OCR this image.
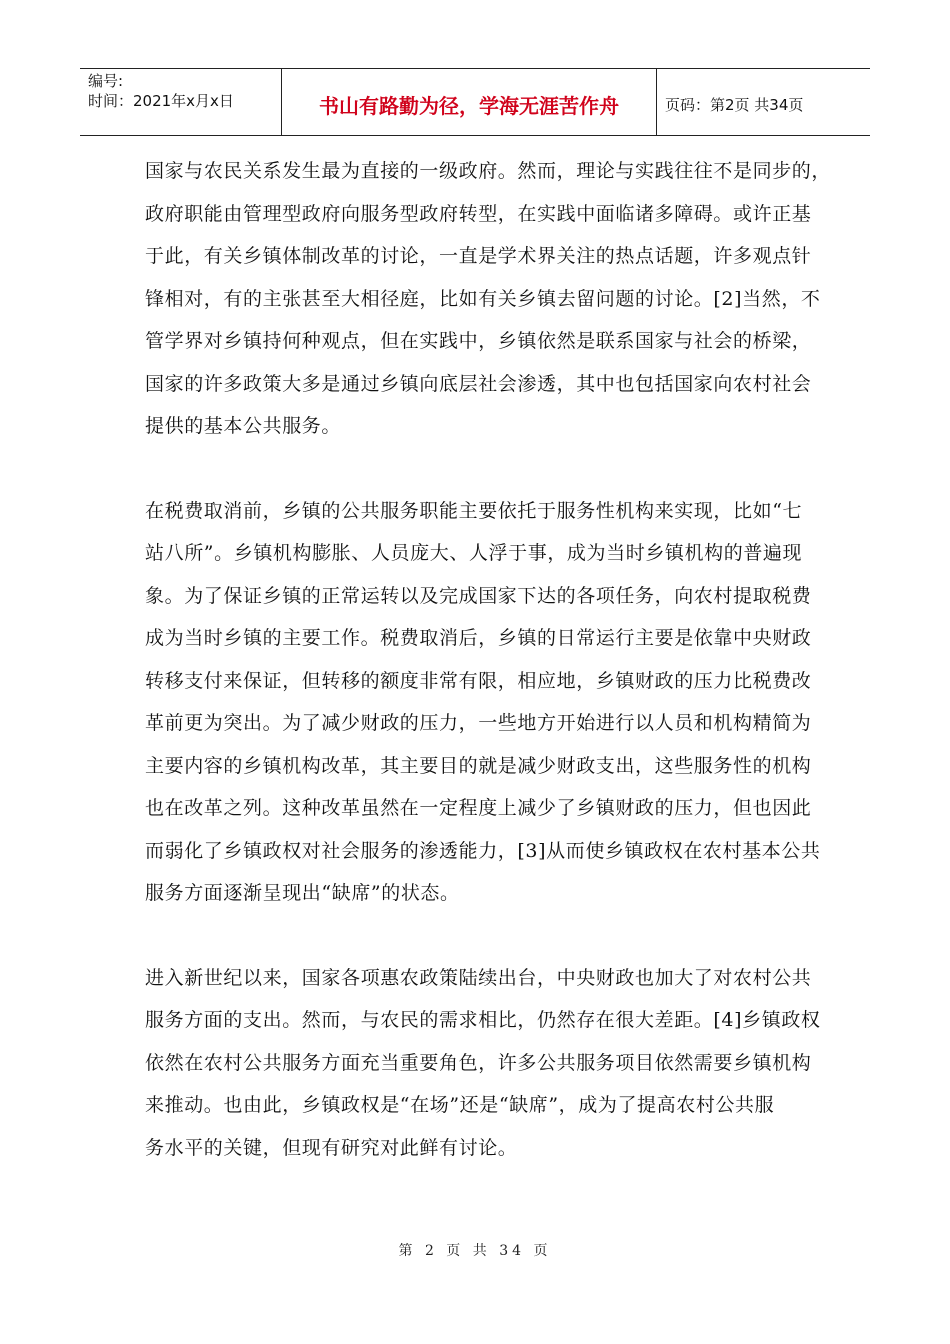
编号:
时间：2021年x月x日	书山有路勤为径，学海无涯苦作舟	页码：第2页 共34页
国家与农民关系发生最为直接的一级政府。然而，理论与实践往往不是同步的，
政府职能由管理型政府向服务型政府转型，在实践中面临诸多障碍。或许正基
于此，有关乡镇体制改革的讨论，一直是学术界关注的热点话题，许多观点针
锋相对，有的主张甚至大相径庭，比如有关乡镇去留问题的讨论。[2]当然，不
管学界对乡镇持何种观点，但在实践中，乡镇依然是联系国家与社会的桥梁，
国家的许多政策大多是通过乡镇向底层社会渗透，其中也包括国家向农村社会
提供的基本公共服务。
在税费取消前，乡镇的公共服务职能主要依托于服务性机构来实现，比如“七
站八所”。乡镇机构膨胀、人员庞大、人浮于事，成为当时乡镇机构的普遍现
象。为了保证乡镇的正常运转以及完成国家下达的各项任务，向农村提取税费
成为当时乡镇的主要工作。税费取消后，乡镇的日常运行主要是依靠中央财政
转移支付来保证，但转移的额度非常有限，相应地，乡镇财政的压力比税费改
革前更为突出。为了减少财政的压力，一些地方开始进行以人员和机构精简为
主要内容的乡镇机构改革，其主要目的就是减少财政支出，这些服务性的机构
也在改革之列。这种改革虽然在一定程度上减少了乡镇财政的压力，但也因此
而弱化了乡镇政权对社会服务的渗透能力，[3]从而使乡镇政权在农村基本公共
服务方面逐渐呈现出“缺席”的状态。
进入新世纪以来，国家各项惠农政策陆续出台，中央财政也加大了对农村公共
服务方面的支出。然而，与农民的需求相比，仍然存在很大差距。[4]乡镇政权
依然在农村公共服务方面充当重要角色，许多公共服务项目依然需要乡镇机构
来推动。也由此，乡镇政权是“在场”还是“缺席”，成为了提高农村公共服
务水平的关键，但现有研究对此鲜有讨论。
第 2 页 共 34 页
